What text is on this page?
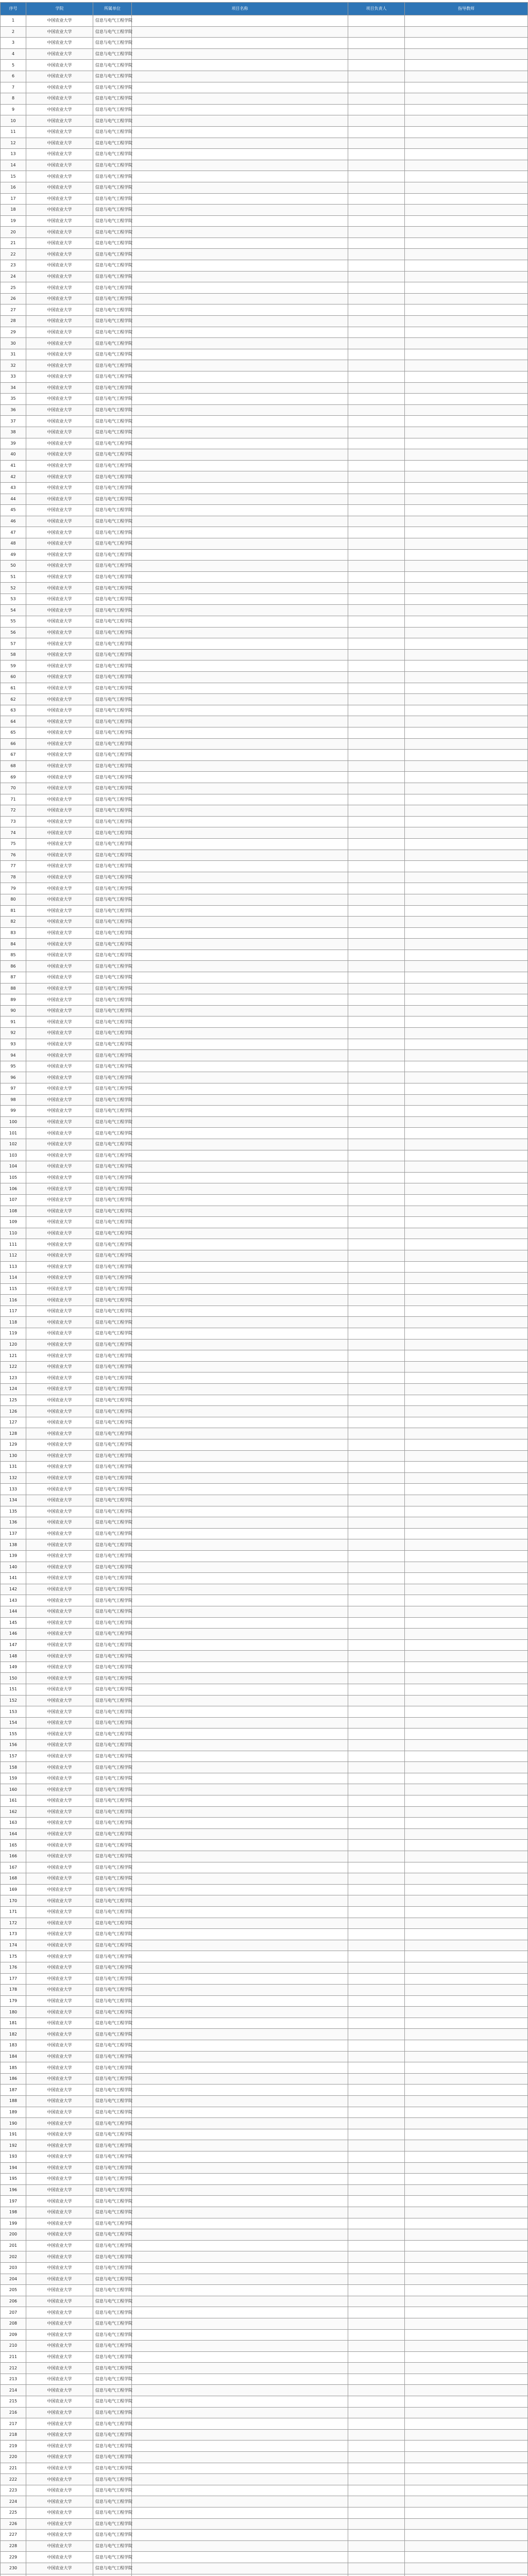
序号	学院	所属单位	项目名称	项目负责人	指导教师
1	中国农业大学	信息与电气工程学院			
2	中国农业大学	信息与电气工程学院			
3	中国农业大学	信息与电气工程学院			
4	中国农业大学	信息与电气工程学院			
5	中国农业大学	信息与电气工程学院			
6	中国农业大学	信息与电气工程学院			
7	中国农业大学	信息与电气工程学院			
8	中国农业大学	信息与电气工程学院			
9	中国农业大学	信息与电气工程学院			
10	中国农业大学	信息与电气工程学院			
11	中国农业大学	信息与电气工程学院			
12	中国农业大学	信息与电气工程学院			
13	中国农业大学	信息与电气工程学院			
14	中国农业大学	信息与电气工程学院			
15	中国农业大学	信息与电气工程学院			
16	中国农业大学	信息与电气工程学院			
17	中国农业大学	信息与电气工程学院			
18	中国农业大学	信息与电气工程学院			
19	中国农业大学	信息与电气工程学院			
20	中国农业大学	信息与电气工程学院			
21	中国农业大学	信息与电气工程学院			
22	中国农业大学	信息与电气工程学院			
23	中国农业大学	信息与电气工程学院			
24	中国农业大学	信息与电气工程学院			
25	中国农业大学	信息与电气工程学院			
26	中国农业大学	信息与电气工程学院			
27	中国农业大学	信息与电气工程学院			
28	中国农业大学	信息与电气工程学院			
29	中国农业大学	信息与电气工程学院			
30	中国农业大学	信息与电气工程学院			
31	中国农业大学	信息与电气工程学院			
32	中国农业大学	信息与电气工程学院			
33	中国农业大学	信息与电气工程学院			
34	中国农业大学	信息与电气工程学院			
35	中国农业大学	信息与电气工程学院			
36	中国农业大学	信息与电气工程学院			
37	中国农业大学	信息与电气工程学院			
38	中国农业大学	信息与电气工程学院			
39	中国农业大学	信息与电气工程学院			
40	中国农业大学	信息与电气工程学院			
41	中国农业大学	信息与电气工程学院			
42	中国农业大学	信息与电气工程学院			
43	中国农业大学	信息与电气工程学院			
44	中国农业大学	信息与电气工程学院			
45	中国农业大学	信息与电气工程学院			
46	中国农业大学	信息与电气工程学院			
47	中国农业大学	信息与电气工程学院			
48	中国农业大学	信息与电气工程学院			
49	中国农业大学	信息与电气工程学院			
50	中国农业大学	信息与电气工程学院			
51	中国农业大学	信息与电气工程学院			
52	中国农业大学	信息与电气工程学院			
53	中国农业大学	信息与电气工程学院			
54	中国农业大学	信息与电气工程学院			
55	中国农业大学	信息与电气工程学院			
56	中国农业大学	信息与电气工程学院			
57	中国农业大学	信息与电气工程学院			
58	中国农业大学	信息与电气工程学院			
59	中国农业大学	信息与电气工程学院			
60	中国农业大学	信息与电气工程学院			
61	中国农业大学	信息与电气工程学院			
62	中国农业大学	信息与电气工程学院			
63	中国农业大学	信息与电气工程学院			
64	中国农业大学	信息与电气工程学院			
65	中国农业大学	信息与电气工程学院			
66	中国农业大学	信息与电气工程学院			
67	中国农业大学	信息与电气工程学院			
68	中国农业大学	信息与电气工程学院			
69	中国农业大学	信息与电气工程学院			
70	中国农业大学	信息与电气工程学院			
71	中国农业大学	信息与电气工程学院			
72	中国农业大学	信息与电气工程学院			
73	中国农业大学	信息与电气工程学院			
74	中国农业大学	信息与电气工程学院			
75	中国农业大学	信息与电气工程学院			
76	中国农业大学	信息与电气工程学院			
77	中国农业大学	信息与电气工程学院			
78	中国农业大学	信息与电气工程学院			
79	中国农业大学	信息与电气工程学院			
80	中国农业大学	信息与电气工程学院			
81	中国农业大学	信息与电气工程学院			
82	中国农业大学	信息与电气工程学院			
83	中国农业大学	信息与电气工程学院			
84	中国农业大学	信息与电气工程学院			
85	中国农业大学	信息与电气工程学院			
86	中国农业大学	信息与电气工程学院			
87	中国农业大学	信息与电气工程学院			
88	中国农业大学	信息与电气工程学院			
89	中国农业大学	信息与电气工程学院			
90	中国农业大学	信息与电气工程学院			
91	中国农业大学	信息与电气工程学院			
92	中国农业大学	信息与电气工程学院			
93	中国农业大学	信息与电气工程学院			
94	中国农业大学	信息与电气工程学院			
95	中国农业大学	信息与电气工程学院			
96	中国农业大学	信息与电气工程学院			
97	中国农业大学	信息与电气工程学院			
98	中国农业大学	信息与电气工程学院			
99	中国农业大学	信息与电气工程学院			
100	中国农业大学	信息与电气工程学院			
101	中国农业大学	信息与电气工程学院			
102	中国农业大学	信息与电气工程学院			
103	中国农业大学	信息与电气工程学院			
104	中国农业大学	信息与电气工程学院			
105	中国农业大学	信息与电气工程学院			
106	中国农业大学	信息与电气工程学院			
107	中国农业大学	信息与电气工程学院			
108	中国农业大学	信息与电气工程学院			
109	中国农业大学	信息与电气工程学院			
110	中国农业大学	信息与电气工程学院			
111	中国农业大学	信息与电气工程学院			
112	中国农业大学	信息与电气工程学院			
113	中国农业大学	信息与电气工程学院			
114	中国农业大学	信息与电气工程学院			
115	中国农业大学	信息与电气工程学院			
116	中国农业大学	信息与电气工程学院			
117	中国农业大学	信息与电气工程学院			
118	中国农业大学	信息与电气工程学院			
119	中国农业大学	信息与电气工程学院			
120	中国农业大学	信息与电气工程学院			
121	中国农业大学	信息与电气工程学院			
122	中国农业大学	信息与电气工程学院			
123	中国农业大学	信息与电气工程学院			
124	中国农业大学	信息与电气工程学院			
125	中国农业大学	信息与电气工程学院			
126	中国农业大学	信息与电气工程学院			
127	中国农业大学	信息与电气工程学院			
128	中国农业大学	信息与电气工程学院			
129	中国农业大学	信息与电气工程学院			
130	中国农业大学	信息与电气工程学院			
131	中国农业大学	信息与电气工程学院			
132	中国农业大学	信息与电气工程学院			
133	中国农业大学	信息与电气工程学院			
134	中国农业大学	信息与电气工程学院			
135	中国农业大学	信息与电气工程学院			
136	中国农业大学	信息与电气工程学院			
137	中国农业大学	信息与电气工程学院			
138	中国农业大学	信息与电气工程学院			
139	中国农业大学	信息与电气工程学院			
140	中国农业大学	信息与电气工程学院			
141	中国农业大学	信息与电气工程学院			
142	中国农业大学	信息与电气工程学院			
143	中国农业大学	信息与电气工程学院			
144	中国农业大学	信息与电气工程学院			
145	中国农业大学	信息与电气工程学院			
146	中国农业大学	信息与电气工程学院			
147	中国农业大学	信息与电气工程学院			
148	中国农业大学	信息与电气工程学院			
149	中国农业大学	信息与电气工程学院			
150	中国农业大学	信息与电气工程学院			
151	中国农业大学	信息与电气工程学院			
152	中国农业大学	信息与电气工程学院			
153	中国农业大学	信息与电气工程学院			
154	中国农业大学	信息与电气工程学院			
155	中国农业大学	信息与电气工程学院			
156	中国农业大学	信息与电气工程学院			
157	中国农业大学	信息与电气工程学院			
158	中国农业大学	信息与电气工程学院			
159	中国农业大学	信息与电气工程学院			
160	中国农业大学	信息与电气工程学院			
161	中国农业大学	信息与电气工程学院			
162	中国农业大学	信息与电气工程学院			
163	中国农业大学	信息与电气工程学院			
164	中国农业大学	信息与电气工程学院			
165	中国农业大学	信息与电气工程学院			
166	中国农业大学	信息与电气工程学院			
167	中国农业大学	信息与电气工程学院			
168	中国农业大学	信息与电气工程学院			
169	中国农业大学	信息与电气工程学院			
170	中国农业大学	信息与电气工程学院			
171	中国农业大学	信息与电气工程学院			
172	中国农业大学	信息与电气工程学院			
173	中国农业大学	信息与电气工程学院			
174	中国农业大学	信息与电气工程学院			
175	中国农业大学	信息与电气工程学院			
176	中国农业大学	信息与电气工程学院			
177	中国农业大学	信息与电气工程学院			
178	中国农业大学	信息与电气工程学院			
179	中国农业大学	信息与电气工程学院			
180	中国农业大学	信息与电气工程学院			
181	中国农业大学	信息与电气工程学院			
182	中国农业大学	信息与电气工程学院			
183	中国农业大学	信息与电气工程学院			
184	中国农业大学	信息与电气工程学院			
185	中国农业大学	信息与电气工程学院			
186	中国农业大学	信息与电气工程学院			
187	中国农业大学	信息与电气工程学院			
188	中国农业大学	信息与电气工程学院			
189	中国农业大学	信息与电气工程学院			
190	中国农业大学	信息与电气工程学院			
191	中国农业大学	信息与电气工程学院			
192	中国农业大学	信息与电气工程学院			
193	中国农业大学	信息与电气工程学院			
194	中国农业大学	信息与电气工程学院			
195	中国农业大学	信息与电气工程学院			
196	中国农业大学	信息与电气工程学院			
197	中国农业大学	信息与电气工程学院			
198	中国农业大学	信息与电气工程学院			
199	中国农业大学	信息与电气工程学院			
200	中国农业大学	信息与电气工程学院			
201	中国农业大学	信息与电气工程学院			
202	中国农业大学	信息与电气工程学院			
203	中国农业大学	信息与电气工程学院			
204	中国农业大学	信息与电气工程学院			
205	中国农业大学	信息与电气工程学院			
206	中国农业大学	信息与电气工程学院			
207	中国农业大学	信息与电气工程学院			
208	中国农业大学	信息与电气工程学院			
209	中国农业大学	信息与电气工程学院			
210	中国农业大学	信息与电气工程学院			
211	中国农业大学	信息与电气工程学院			
212	中国农业大学	信息与电气工程学院			
213	中国农业大学	信息与电气工程学院			
214	中国农业大学	信息与电气工程学院			
215	中国农业大学	信息与电气工程学院			
216	中国农业大学	信息与电气工程学院			
217	中国农业大学	信息与电气工程学院			
218	中国农业大学	信息与电气工程学院			
219	中国农业大学	信息与电气工程学院			
220	中国农业大学	信息与电气工程学院			
221	中国农业大学	信息与电气工程学院			
222	中国农业大学	信息与电气工程学院			
223	中国农业大学	信息与电气工程学院			
224	中国农业大学	信息与电气工程学院			
225	中国农业大学	信息与电气工程学院			
226	中国农业大学	信息与电气工程学院			
227	中国农业大学	信息与电气工程学院			
228	中国农业大学	信息与电气工程学院			
229	中国农业大学	信息与电气工程学院			
230	中国农业大学	信息与电气工程学院			
